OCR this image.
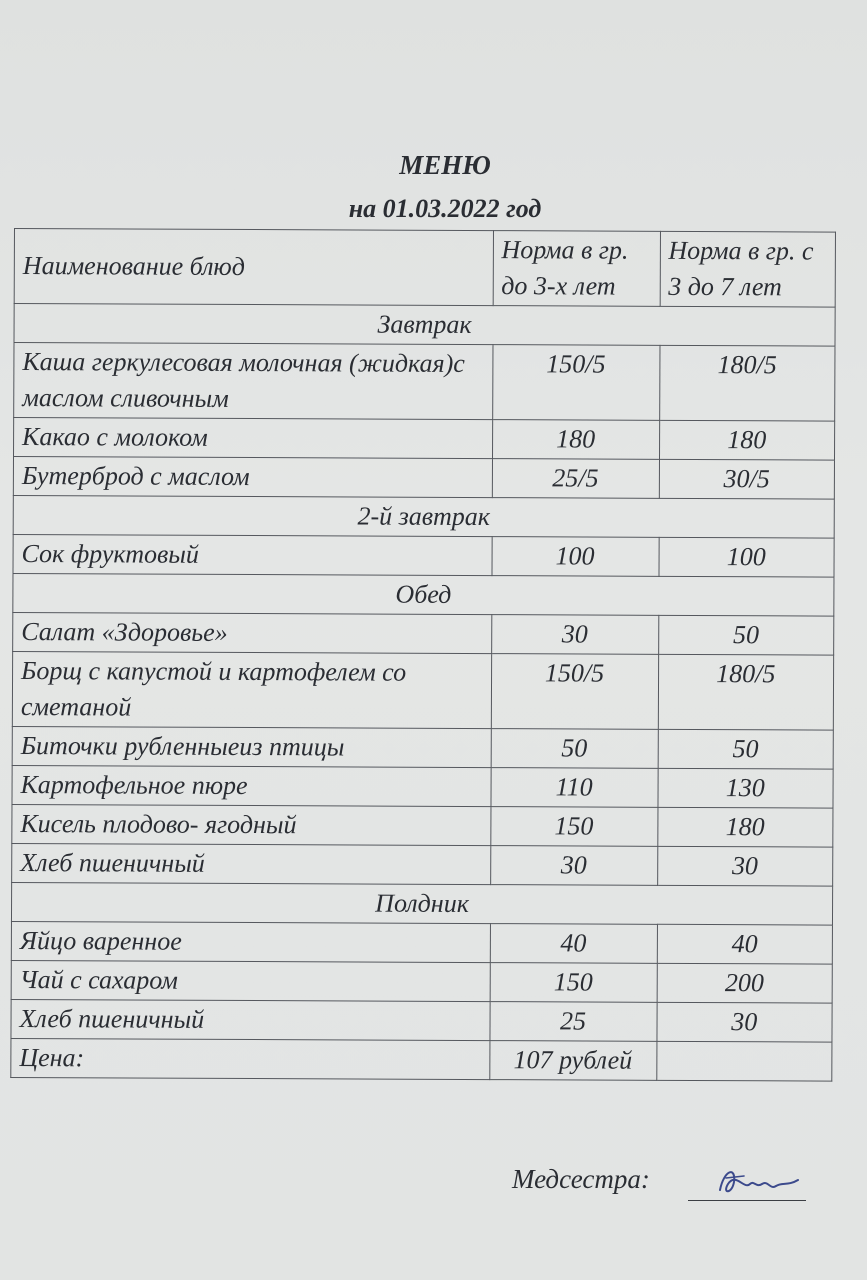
МЕНЮ
на 01.03.2022 год
Наименование блюд	Норма в гр. до 3-х лет	Норма в гр. с 3 до 7 лет
Завтрак		
Каша геркулесовая молочная (жидкая)с маслом сливочным	150/5	180/5
Какао с молоком	180	180
Бутерброд с маслом	25/5	30/5
2-й завтрак		
Сок фруктовый	100	100
Обед		
Салат «Здоровье»	30	50
Борщ с капустой и картофелем со сметаной	150/5	180/5
Биточки рубленныеиз птицы	50	50
Картофельное пюре	110	130
Кисель плодово- ягодный	150	180
Хлеб пшеничный	30	30
Полдник		
Яйцо варенное	40	40
Чай с сахаром	150	200
Хлеб пшеничный	25	30
Цена:	107 рублей	
Медсестра:
